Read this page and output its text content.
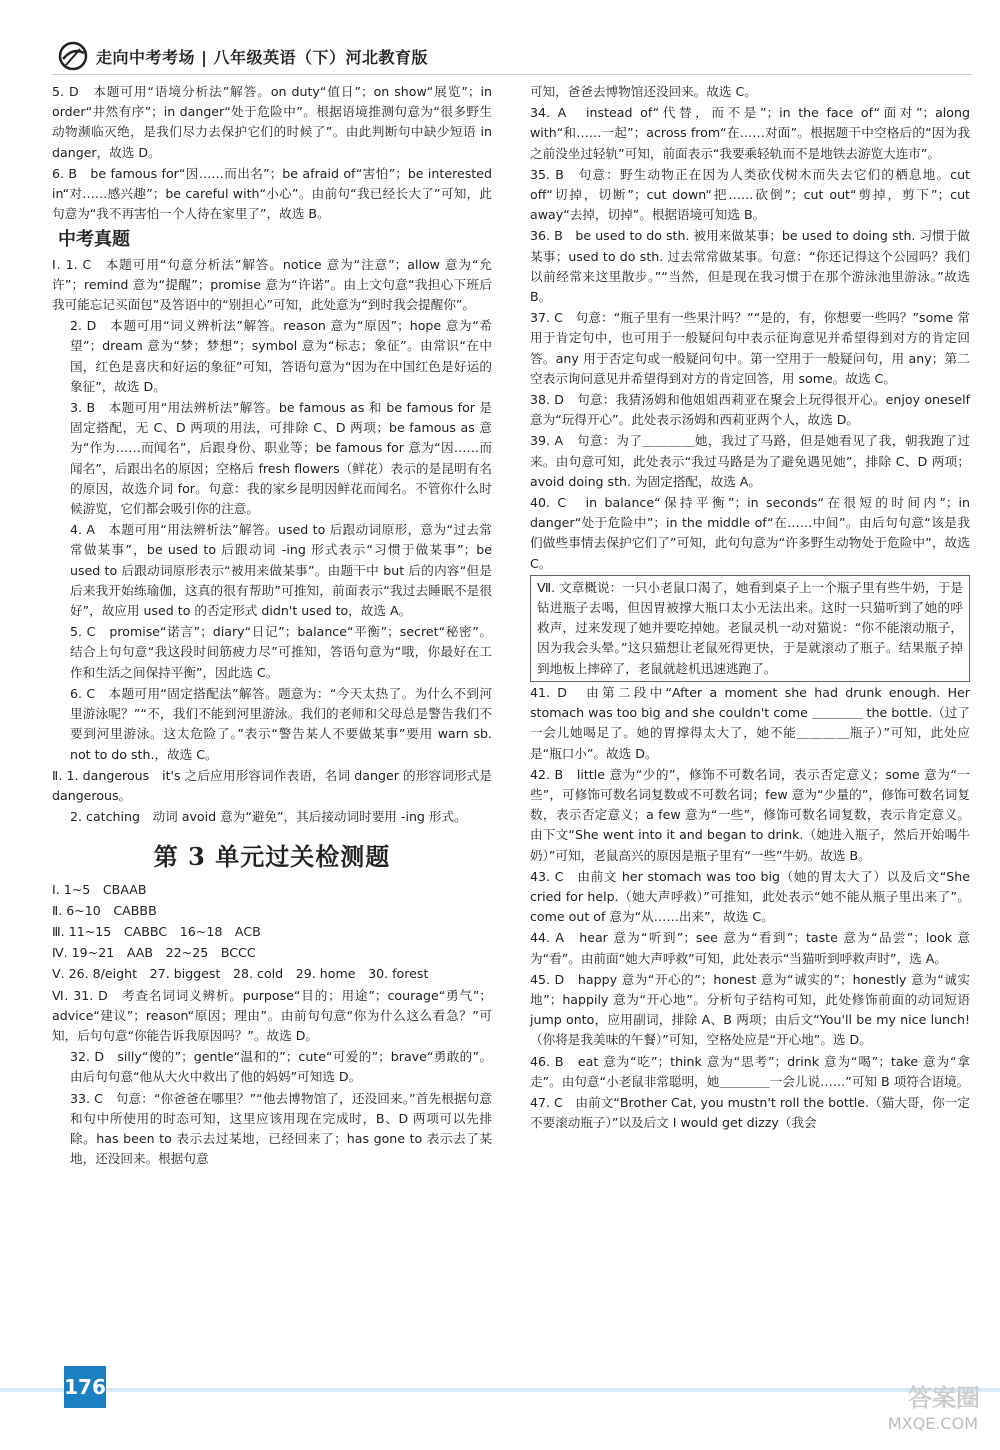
走向中考考场 | 八年级英语（下）河北教育版

5. D　本题可用“语境分析法”解答。on duty“值日”；on show“展览”；in order“井然有序”；in danger“处于危险中”。根据语境推测句意为“很多野生动物濒临灭绝，是我们尽力去保护它们的时候了”。由此判断句中缺少短语 in danger，故选 D。

6. B　be famous for“因……而出名”；be afraid of“害怕”；be interested in“对……感兴趣”；be careful with“小心”。由前句“我已经长大了”可知，此句意为“我不再害怕一个人待在家里了”，故选 B。

中考真题

Ⅰ. 1. C　本题可用“句意分析法”解答。notice 意为“注意”；allow 意为“允许”；remind 意为“提醒”；promise 意为“许诺”。由上文句意“我担心下班后我可能忘记买面包”及答语中的“别担心”可知，此处意为“到时我会提醒你”。

2. D　本题可用“词义辨析法”解答。reason 意为“原因”；hope 意为“希望”；dream 意为“梦；梦想”；symbol 意为“标志；象征”。由常识“在中国，红色是喜庆和好运的象征”可知，答语句意为“因为在中国红色是好运的象征”，故选 D。

3. B　本题可用“用法辨析法”解答。be famous as 和 be famous for 是固定搭配，无 C、D 两项的用法，可排除 C、D 两项；be famous as 意为“作为……而闻名”，后跟身份、职业等；be famous for 意为“因……而闻名”，后跟出名的原因；空格后 fresh flowers（鲜花）表示的是昆明有名的原因，故选介词 for。句意：我的家乡昆明因鲜花而闻名。不管你什么时候游览，它们都会吸引你的注意。

4. A　本题可用“用法辨析法”解答。used to 后跟动词原形，意为“过去常常做某事”，be used to 后跟动词 -ing 形式表示“习惯于做某事”；be used to 后跟动词原形表示“被用来做某事”。由题干中 but 后的内容“但是后来我开始练瑜伽，这真的很有帮助”可推知，前面表示“我过去睡眠不是很好”，故应用 used to 的否定形式 didn't used to，故选 A。

5. C　promise“诺言”；diary“日记”；balance“平衡”；secret“秘密”。结合上句句意“我这段时间筋疲力尽”可推知，答语句意为“哦，你最好在工作和生活之间保持平衡”，因此选 C。

6. C　本题可用“固定搭配法”解答。题意为：“今天太热了。为什么不到河里游泳呢？”“不，我们不能到河里游泳。我们的老师和父母总是警告我们不要到河里游泳。这太危险了。”表示“警告某人不要做某事”要用 warn sb. not to do sth.，故选 C。

Ⅱ. 1. dangerous　it's 之后应用形容词作表语，名词 danger 的形容词形式是 dangerous。

2. catching　动词 avoid 意为“避免”，其后接动词时要用 -ing 形式。

第 3 单元过关检测题

Ⅰ. 1~5　CBAAB

Ⅱ. 6~10　CABBB

Ⅲ. 11~15　CABBC　16~18　ACB

Ⅳ. 19~21　AAB　22~25　BCCC

Ⅴ. 26. 8/eight　27. biggest　28. cold　29. home　30. forest

Ⅵ. 31. D　考查名词词义辨析。purpose“目的；用途”；courage“勇气”；advice“建议”；reason“原因；理由”。由前句句意“你为什么这么看急？”可知，后句句意“你能告诉我原因吗？”。故选 D。

32. D　silly“傻的”；gentle“温和的”；cute“可爱的”；brave“勇敢的”。由后句句意“他从大火中救出了他的妈妈”可知选 D。

33. C　句意：“你爸爸在哪里？”“他去博物馆了，还没回来。”首先根据句意和句中所使用的时态可知，这里应该用现在完成时，B、D 两项可以先排除。has been to 表示去过某地，已经回来了；has gone to 表示去了某地，还没回来。根据句意

可知，爸爸去博物馆还没回来。故选 C。

34. A　instead of“代替，而不是”；in the face of“面对”；along with“和……一起”；across from“在……对面”。根据题干中空格后的“因为我之前没坐过轻轨”可知，前面表示“我要乘轻轨而不是地铁去游览大连市”。

35. B　句意：野生动物正在因为人类砍伐树木而失去它们的栖息地。cut off“切掉，切断”；cut down“把……砍倒”；cut out“剪掉，剪下”；cut away“去掉，切掉”。根据语境可知选 B。

36. B　be used to do sth. 被用来做某事；be used to doing sth. 习惯于做某事；used to do sth. 过去常常做某事。句意：“你还记得这个公园吗？我们以前经常来这里散步。”“当然，但是现在我习惯于在那个游泳池里游泳。”故选 B。

37. C　句意：“瓶子里有一些果汁吗？”“是的，有，你想要一些吗？”some 常用于肯定句中，也可用于一般疑问句中表示征询意见并希望得到对方的肯定回答。any 用于否定句或一般疑问句中。第一空用于一般疑问句，用 any；第二空表示询问意见并希望得到对方的肯定回答，用 some。故选 C。

38. D　句意：我猜汤姆和他姐姐西莉亚在聚会上玩得很开心。enjoy oneself 意为“玩得开心”。此处表示汤姆和西莉亚两个人，故选 D。

39. A　句意：为了＿＿＿＿她，我过了马路，但是她看见了我，朝我跑了过来。由句意可知，此处表示“我过马路是为了避免遇见她”，排除 C、D 两项；avoid doing sth. 为固定搭配，故选 A。

40. C　in balance“保持平衡”；in seconds“在很短的时间内”；in danger“处于危险中”；in the middle of“在……中间”。由后句句意“该是我们做些事情去保护它们了”可知，此句句意为“许多野生动物处于危险中”，故选 C。

Ⅶ. 文章概说：一只小老鼠口渴了，她看到桌子上一个瓶子里有些牛奶，于是钻进瓶子去喝，但因胃被撑大瓶口太小无法出来。这时一只猫听到了她的呼救声，过来发现了她并要吃掉她。老鼠灵机一动对猫说：“你不能滚动瓶子，因为我会头晕。”这只猫想让老鼠死得更快，于是就滚动了瓶子。结果瓶子掉到地板上摔碎了，老鼠就趁机迅速逃跑了。

41. D　由第二段中“After a moment she had drunk enough. Her stomach was too big and she couldn't come ＿＿＿＿ the bottle.（过了一会儿她喝足了。她的胃撑得太大了，她不能＿＿＿＿瓶子）”可知，此处应是“瓶口小”。故选 D。

42. B　little 意为“少的”，修饰不可数名词，表示否定意义；some 意为“一些”，可修饰可数名词复数或不可数名词；few 意为“少量的”，修饰可数名词复数，表示否定意义；a few 意为“一些”，修饰可数名词复数，表示肯定意义。由下文“She went into it and began to drink.（她进入瓶子，然后开始喝牛奶）”可知，老鼠高兴的原因是瓶子里有“一些”牛奶。故选 B。

43. C　由前文 her stomach was too big（她的胃太大了）以及后文“She cried for help.（她大声呼救）”可推知，此处表示“她不能从瓶子里出来了”。come out of 意为“从……出来”，故选 C。

44. A　hear 意为“听到”；see 意为“看到”；taste 意为“品尝”；look 意为“看”。由前面“她大声呼救”可知，此处表示“当猫听到呼救声时”，选 A。

45. D　happy 意为“开心的”；honest 意为“诚实的”；honestly 意为“诚实地”；happily 意为“开心地”。分析句子结构可知，此处修饰前面的动词短语 jump onto，应用副词，排除 A、B 两项；由后文“You'll be my nice lunch!（你将是我美味的午餐）”可知，空格处应是“开心地”。选 D。

46. B　eat 意为“吃”；think 意为“思考”；drink 意为“喝”；take 意为“拿走”。由句意“小老鼠非常聪明，她＿＿＿＿一会儿说……”可知 B 项符合语境。

47. C　由前文“Brother Cat, you mustn't roll the bottle.（猫大哥，你一定不要滚动瓶子）”以及后文 I would get dizzy（我会

176	答案圈
MXQE.COM
